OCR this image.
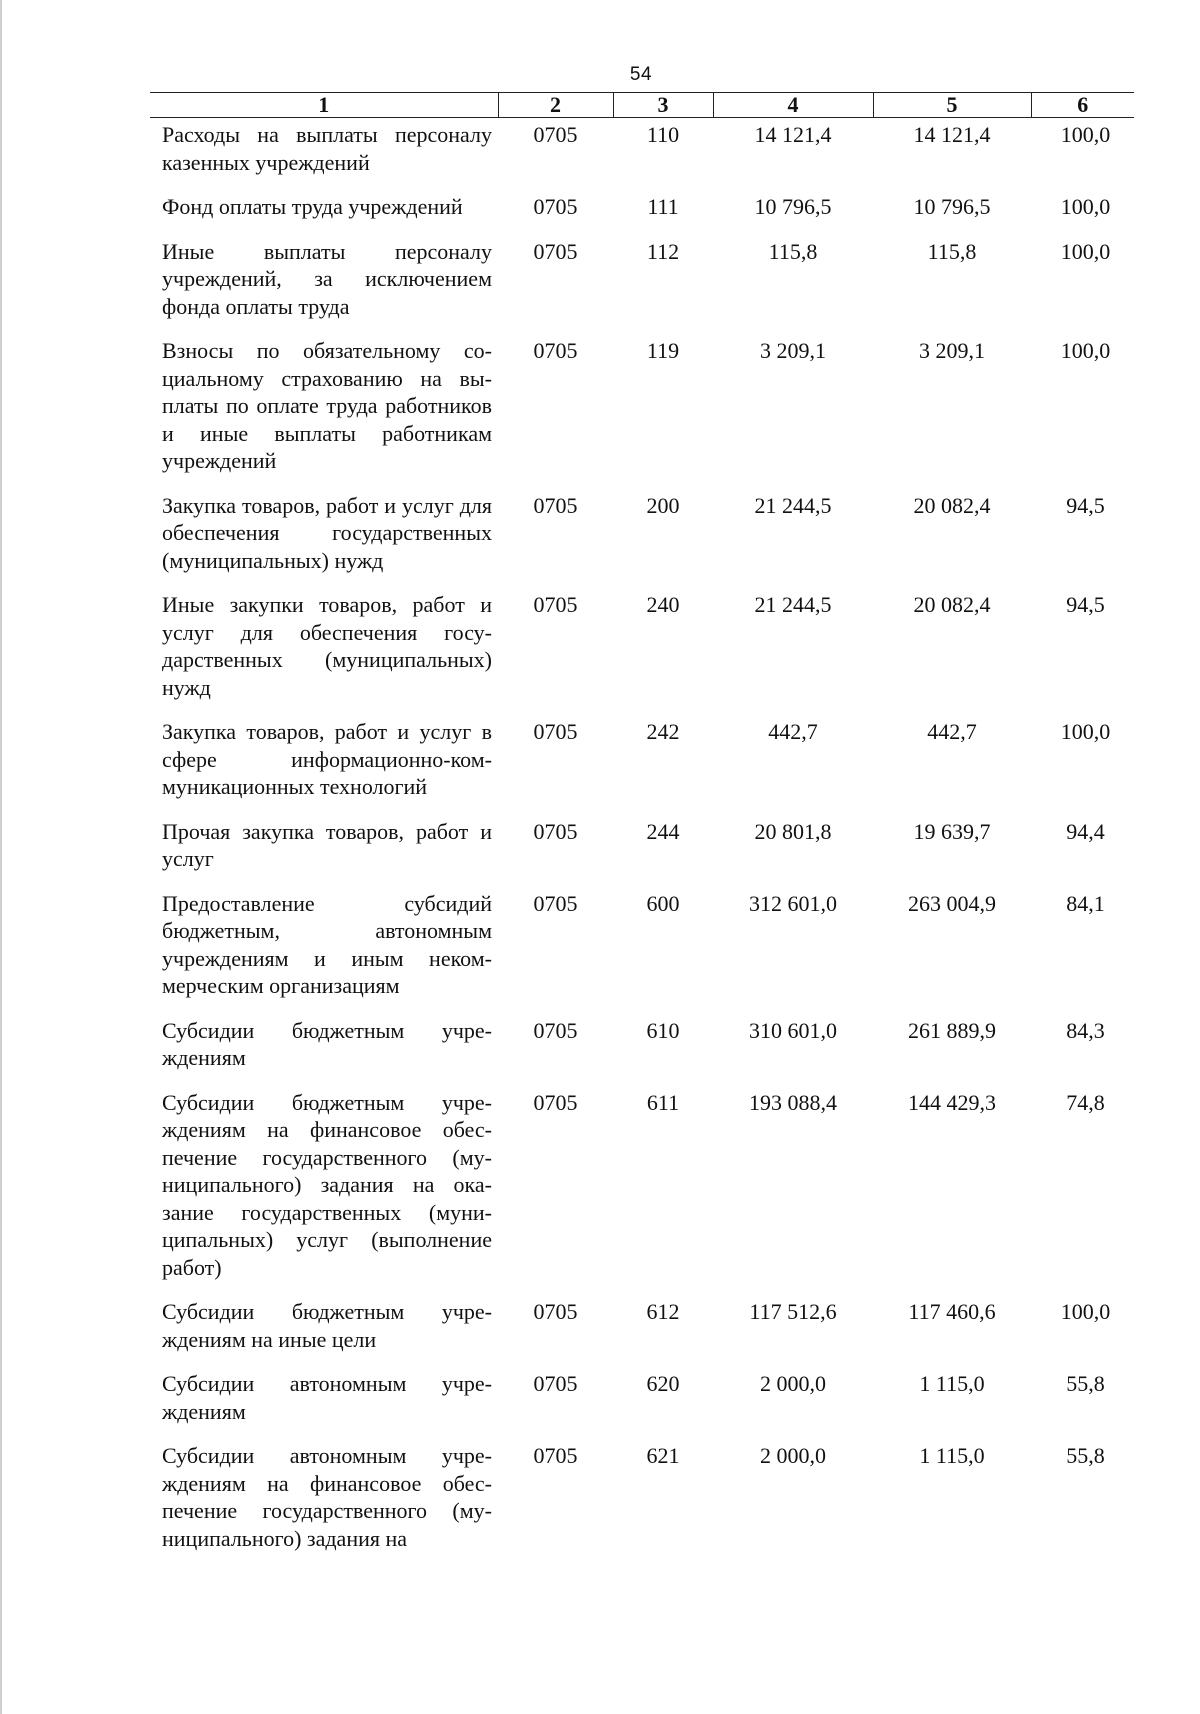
54
1	2	3	4	5	6
Расходы на выплаты персоналу казенных учреждений	0705	110	14 121,4	14 121,4	100,0
Фонд оплаты труда учреждений	0705	111	10 796,5	10 796,5	100,0
Иные выплаты персоналу учреждений, за исключением фонда оплаты труда	0705	112	115,8	115,8	100,0
Взносы по обязательному социальному страхованию на выплаты по оплате труда работников и иные выплаты работникам учреждений	0705	119	3 209,1	3 209,1	100,0
Закупка товаров, работ и услуг для обеспечения государственных (муниципальных) нужд	0705	200	21 244,5	20 082,4	94,5
Иные закупки товаров, работ и услуг для обеспечения государственных (муниципальных) нужд	0705	240	21 244,5	20 082,4	94,5
Закупка товаров, работ и услуг в сфере информационно-коммуникационных технологий	0705	242	442,7	442,7	100,0
Прочая закупка товаров, работ и услуг	0705	244	20 801,8	19 639,7	94,4
Предоставление субсидий бюджетным, автономным учреждениям и иным некоммерческим организациям	0705	600	312 601,0	263 004,9	84,1
Субсидии бюджетным учреждениям	0705	610	310 601,0	261 889,9	84,3
Субсидии бюджетным учреждениям на финансовое обеспечение государственного (муниципального) задания на оказание государственных (муниципальных) услуг (выполнение работ)	0705	611	193 088,4	144 429,3	74,8
Субсидии бюджетным учреждениям на иные цели	0705	612	117 512,6	117 460,6	100,0
Субсидии автономным учреждениям	0705	620	2 000,0	1 115,0	55,8
Субсидии автономным учреждениям на финансовое обеспечение государственного (муниципального) задания на	0705	621	2 000,0	1 115,0	55,8
